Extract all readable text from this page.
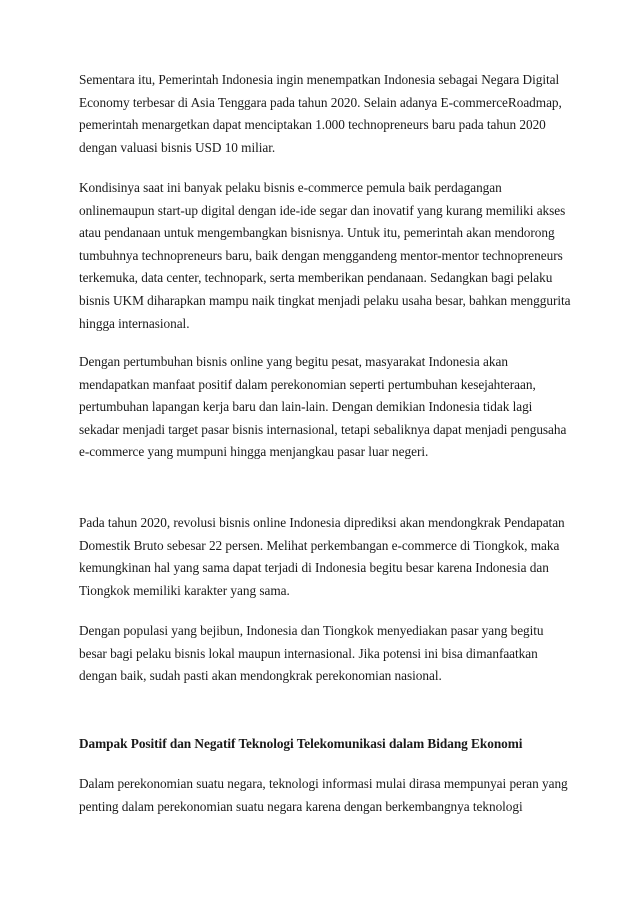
Sementara itu, Pemerintah Indonesia ingin menempatkan Indonesia sebagai Negara Digital
Economy terbesar di Asia Tenggara pada tahun 2020. Selain adanya E-commerceRoadmap,
pemerintah menargetkan dapat menciptakan 1.000 technopreneurs baru pada tahun 2020
dengan valuasi bisnis USD 10 miliar.
Kondisinya saat ini banyak pelaku bisnis e-commerce pemula baik perdagangan
onlinemaupun start-up digital dengan ide-ide segar dan inovatif yang kurang memiliki akses
atau pendanaan untuk mengembangkan bisnisnya. Untuk itu, pemerintah akan mendorong
tumbuhnya technopreneurs baru, baik dengan menggandeng mentor-mentor technopreneurs
terkemuka, data center, technopark, serta memberikan pendanaan. Sedangkan bagi pelaku
bisnis UKM diharapkan mampu naik tingkat menjadi pelaku usaha besar, bahkan menggurita
hingga internasional.
Dengan pertumbuhan bisnis online yang begitu pesat, masyarakat Indonesia akan
mendapatkan manfaat positif dalam perekonomian seperti pertumbuhan kesejahteraan,
pertumbuhan lapangan kerja baru dan lain-lain. Dengan demikian Indonesia tidak lagi
sekadar menjadi target pasar bisnis internasional, tetapi sebaliknya dapat menjadi pengusaha
e-commerce yang mumpuni hingga menjangkau pasar luar negeri.
Pada tahun 2020, revolusi bisnis online Indonesia diprediksi akan mendongkrak Pendapatan
Domestik Bruto sebesar 22 persen. Melihat perkembangan e-commerce di Tiongkok, maka
kemungkinan hal yang sama dapat terjadi di Indonesia begitu besar karena Indonesia dan
Tiongkok memiliki karakter yang sama.
Dengan populasi yang bejibun, Indonesia dan Tiongkok menyediakan pasar yang begitu
besar bagi pelaku bisnis lokal maupun internasional. Jika potensi ini bisa dimanfaatkan
dengan baik, sudah pasti akan mendongkrak perekonomian nasional.
Dampak Positif dan Negatif Teknologi Telekomunikasi dalam Bidang Ekonomi
Dalam perekonomian suatu negara, teknologi informasi mulai dirasa mempunyai peran yang
penting dalam perekonomian suatu negara karena dengan berkembangnya teknologi
